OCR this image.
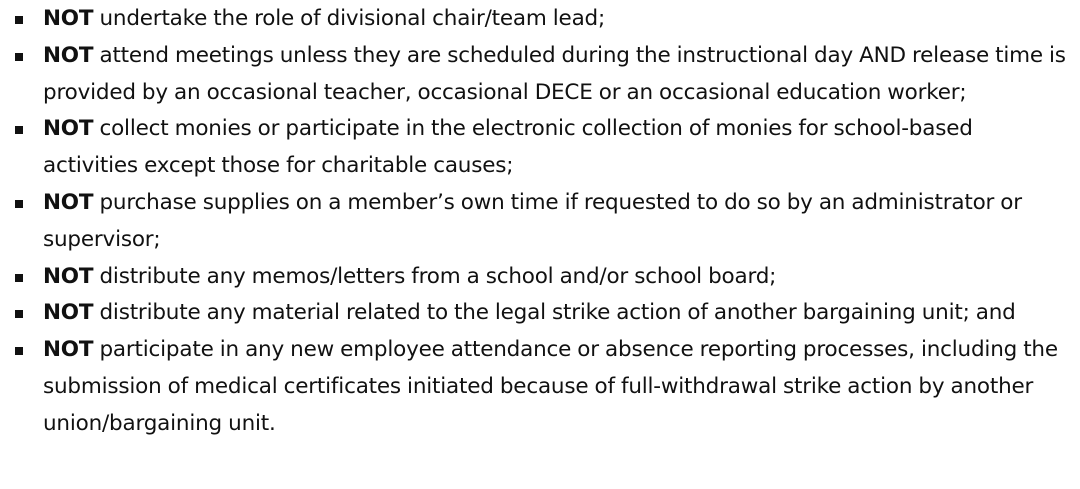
NOT undertake the role of divisional chair/team lead;
NOT attend meetings unless they are scheduled during the instructional day AND release time is provided by an occasional teacher, occasional DECE or an occasional education worker;
NOT collect monies or participate in the electronic collection of monies for school-based activities except those for charitable causes;
NOT purchase supplies on a member’s own time if requested to do so by an administrator or supervisor;
NOT distribute any memos/letters from a school and/or school board;
NOT distribute any material related to the legal strike action of another bargaining unit; and
NOT participate in any new employee attendance or absence reporting processes, including the submission of medical certificates initiated because of full-withdrawal strike action by another union/bargaining unit.
